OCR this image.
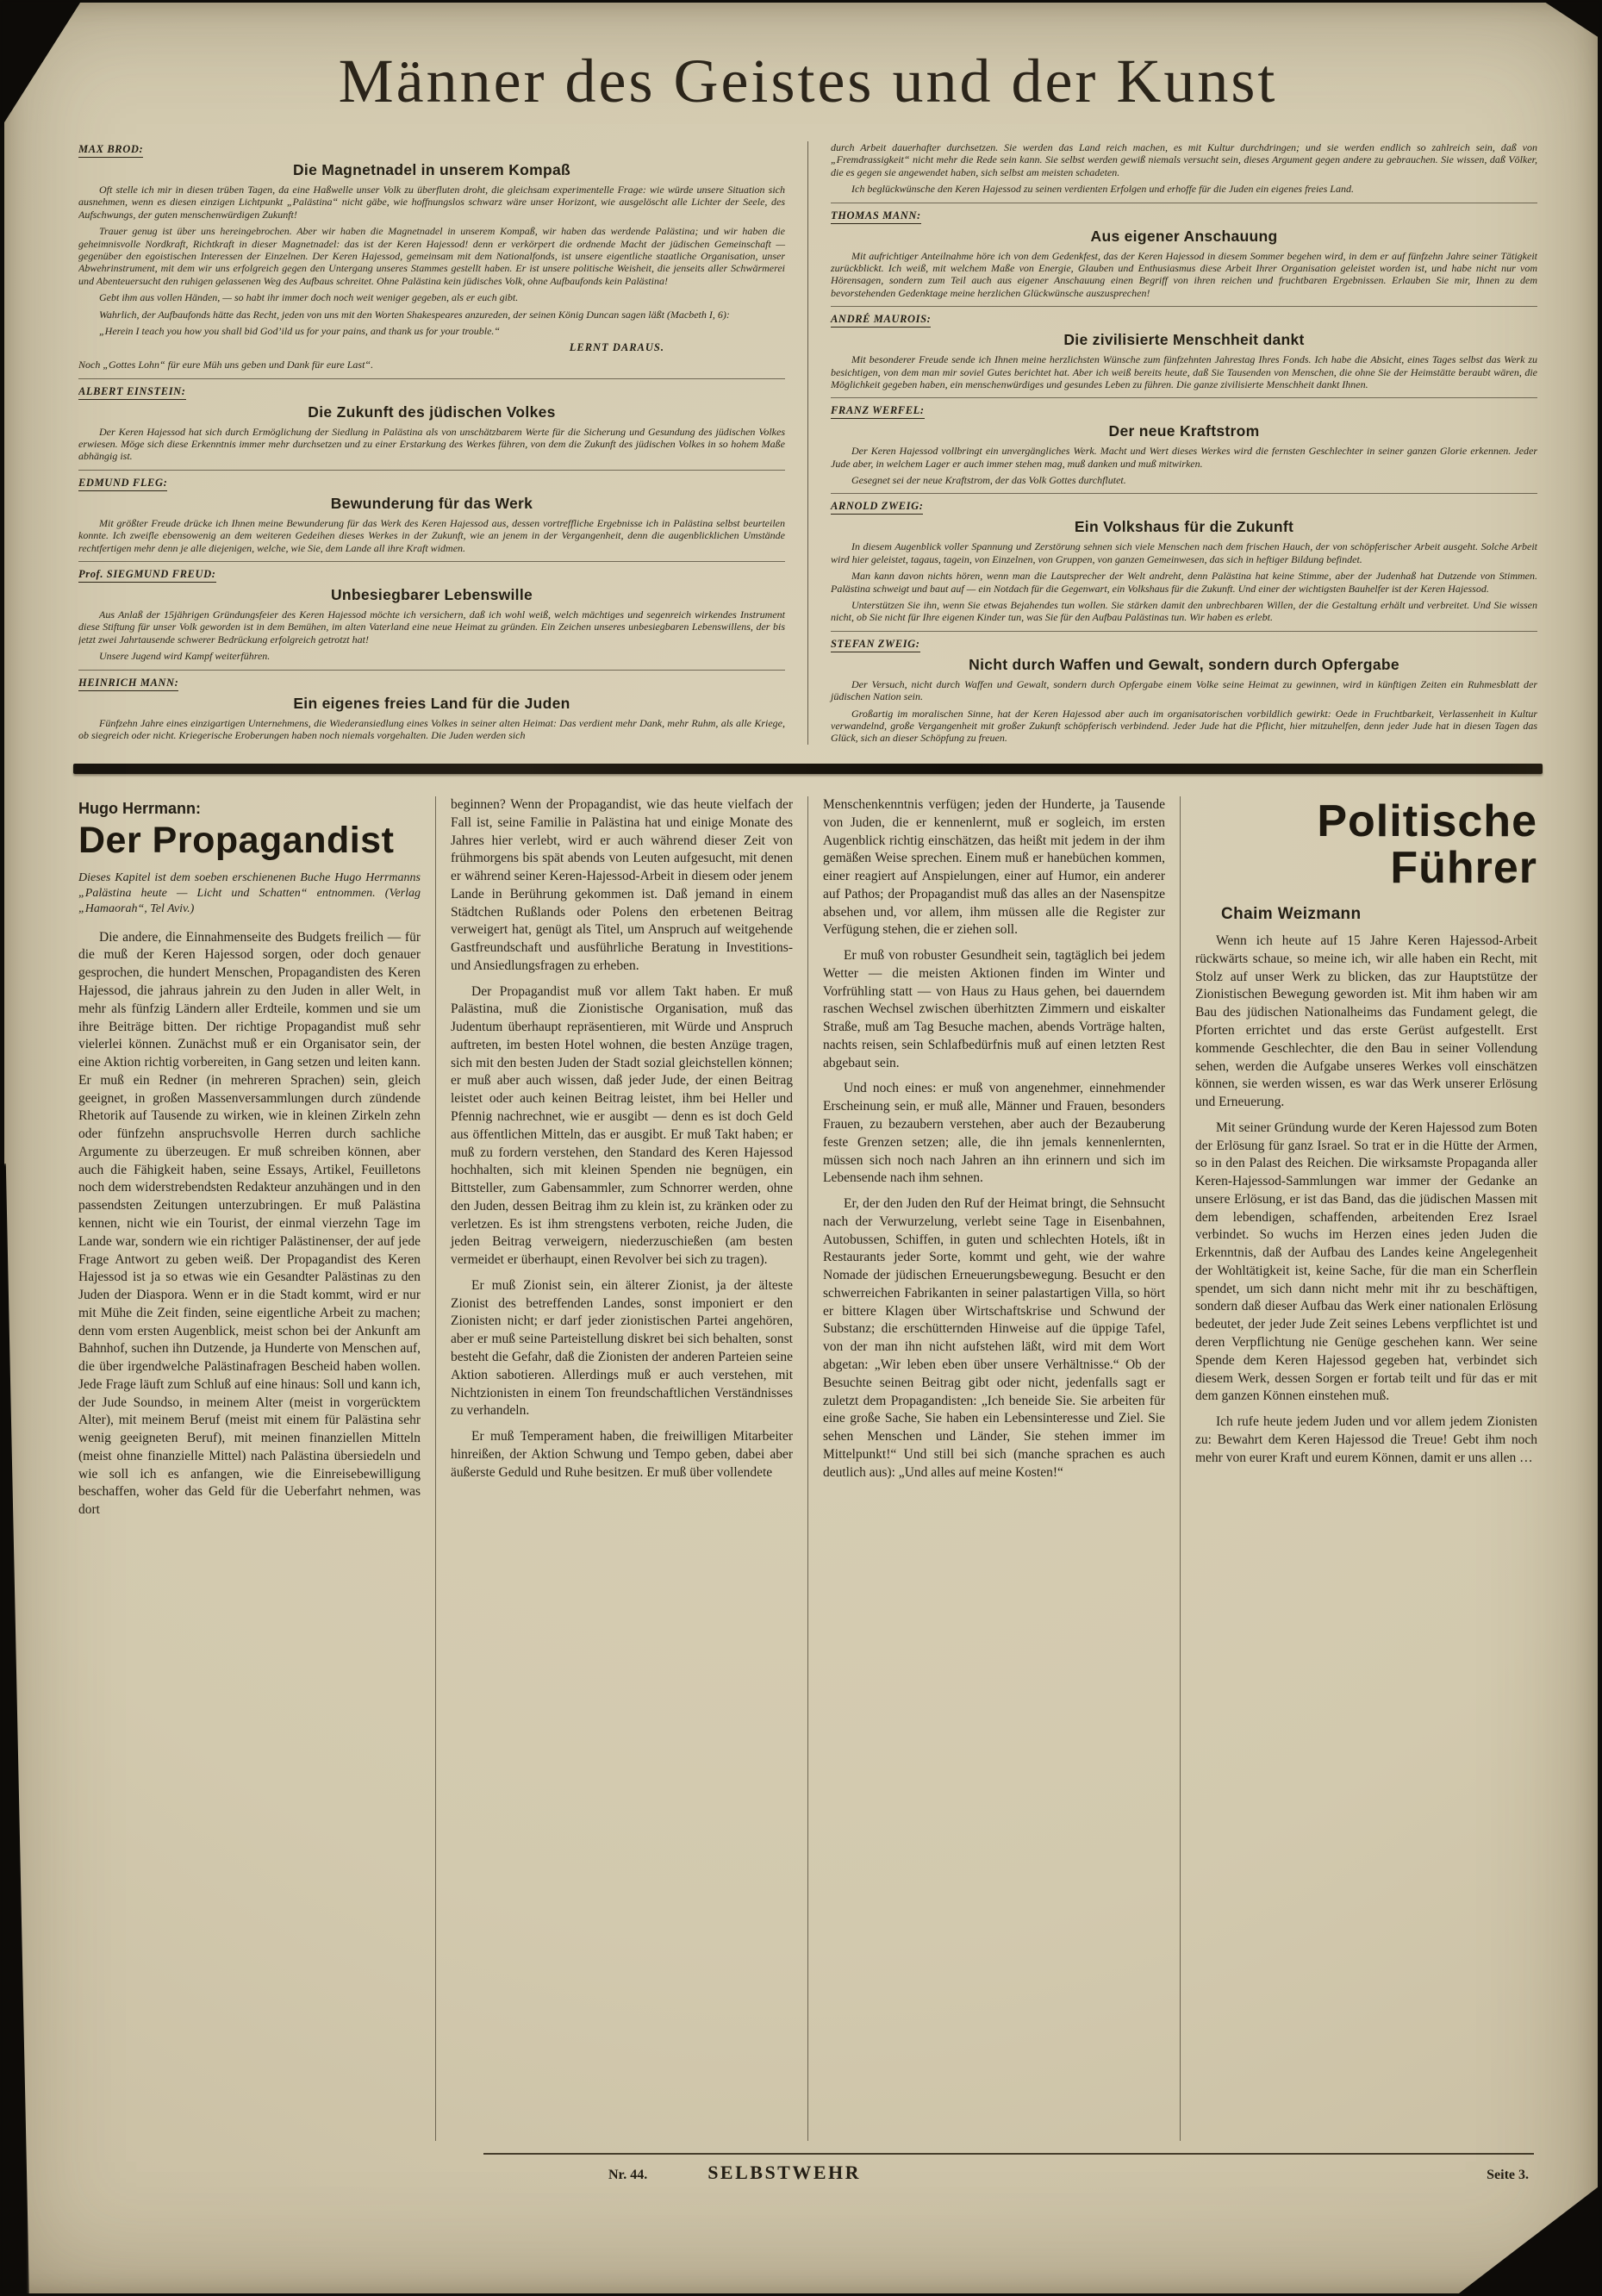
Männer des Geistes und der Kunst
MAX BROD:
Die Magnetnadel in unserem Kompaß

Oft stelle ich mir in diesen trüben Tagen, da eine Haßwelle unser Volk zu überfluten droht, die gleichsam experimentelle Frage: wie würde unsere Situation sich ausnehmen, wenn es diesen einzigen Lichtpunkt „Palästina“ nicht gäbe, wie hoffnungslos schwarz wäre unser Horizont, wie ausgelöscht alle Lichter der Seele, des Aufschwungs, der guten menschenwürdigen Zukunft!

Trauer genug ist über uns hereingebrochen. Aber wir haben die Magnetnadel in unserem Kompaß, wir haben das werdende Palästina; und wir haben die geheimnisvolle Nordkraft, Richtkraft in dieser Magnetnadel: das ist der Keren Hajessod! denn er verkörpert die ordnende Macht der jüdischen Gemeinschaft — gegenüber den egoistischen Interessen der Einzelnen. Der Keren Hajessod, gemeinsam mit dem Nationalfonds, ist unsere eigentliche staatliche Organisation, unser Abwehrinstrument, mit dem wir uns erfolgreich gegen den Untergang unseres Stammes gestellt haben. Er ist unsere politische Weisheit, die jenseits aller Schwärmerei und Abenteuersucht den ruhigen gelassenen Weg des Aufbaus schreitet. Ohne Palästina kein jüdisches Volk, ohne Aufbaufonds kein Palästina!

Gebt ihm aus vollen Händen, — so habt ihr immer doch noch weit weniger gegeben, als er euch gibt.

Wahrlich, der Aufbaufonds hätte das Recht, jeden von uns mit den Worten Shakespeares anzureden, der seinen König Duncan sagen läßt (Macbeth I, 6):

„Herein I teach you how you shall bid God’ild us for your pains, and thank us for your trouble.“

LERNT DARAUS.

Noch „Gottes Lohn“ für eure Müh uns geben und Dank für eure Last“.

ALBERT EINSTEIN:
Die Zukunft des jüdischen Volkes

Der Keren Hajessod hat sich durch Ermöglichung der Siedlung in Palästina als von unschätzbarem Werte für die Sicherung und Gesundung des jüdischen Volkes erwiesen. Möge sich diese Erkenntnis immer mehr durchsetzen und zu einer Erstarkung des Werkes führen, von dem die Zukunft des jüdischen Volkes in so hohem Maße abhängig ist.

EDMUND FLEG:
Bewunderung für das Werk

Mit größter Freude drücke ich Ihnen meine Bewunderung für das Werk des Keren Hajessod aus, dessen vortreffliche Ergebnisse ich in Palästina selbst beurteilen konnte. Ich zweifle ebensowenig an dem weiteren Gedeihen dieses Werkes in der Zukunft, wie an jenem in der Vergangenheit, denn die augenblicklichen Umstände rechtfertigen mehr denn je alle diejenigen, welche, wie Sie, dem Lande all ihre Kraft widmen.

Prof. SIEGMUND FREUD:
Unbesiegbarer Lebenswille

Aus Anlaß der 15jährigen Gründungsfeier des Keren Hajessod möchte ich versichern, daß ich wohl weiß, welch mächtiges und segenreich wirkendes Instrument diese Stiftung für unser Volk geworden ist in dem Bemühen, im alten Vaterland eine neue Heimat zu gründen. Ein Zeichen unseres unbesiegbaren Lebenswillens, der bis jetzt zwei Jahrtausende schwerer Bedrückung erfolgreich getrotzt hat!

Unsere Jugend wird Kampf weiterführen.

HEINRICH MANN:
Ein eigenes freies Land für die Juden

Fünfzehn Jahre eines einzigartigen Unternehmens, die Wiederansiedlung eines Volkes in seiner alten Heimat: Das verdient mehr Dank, mehr Ruhm, als alle Kriege, ob siegreich oder nicht. Kriegerische Eroberungen haben noch niemals vorgehalten. Die Juden werden sich

durch Arbeit dauerhafter durchsetzen. Sie werden das Land reich machen, es mit Kultur durchdringen; und sie werden endlich so zahlreich sein, daß von „Fremdrassigkeit“ nicht mehr die Rede sein kann. Sie selbst werden gewiß niemals versucht sein, dieses Argument gegen andere zu gebrauchen. Sie wissen, daß Völker, die es gegen sie angewendet haben, sich selbst am meisten schadeten.

Ich beglückwünsche den Keren Hajessod zu seinen verdienten Erfolgen und erhoffe für die Juden ein eigenes freies Land.

THOMAS MANN:
Aus eigener Anschauung

Mit aufrichtiger Anteilnahme höre ich von dem Gedenkfest, das der Keren Hajessod in diesem Sommer begehen wird, in dem er auf fünfzehn Jahre seiner Tätigkeit zurückblickt. Ich weiß, mit welchem Maße von Energie, Glauben und Enthusiasmus diese Arbeit Ihrer Organisation geleistet worden ist, und habe nicht nur vom Hörensagen, sondern zum Teil auch aus eigener Anschauung einen Begriff von ihren reichen und fruchtbaren Ergebnissen. Erlauben Sie mir, Ihnen zu dem bevorstehenden Gedenktage meine herzlichen Glückwünsche auszusprechen!

ANDRÉ MAUROIS:
Die zivilisierte Menschheit dankt

Mit besonderer Freude sende ich Ihnen meine herzlichsten Wünsche zum fünfzehnten Jahrestag Ihres Fonds. Ich habe die Absicht, eines Tages selbst das Werk zu besichtigen, von dem man mir soviel Gutes berichtet hat. Aber ich weiß bereits heute, daß Sie Tausenden von Menschen, die ohne Sie der Heimstätte beraubt wären, die Möglichkeit gegeben haben, ein menschenwürdiges und gesundes Leben zu führen. Die ganze zivilisierte Menschheit dankt Ihnen.

FRANZ WERFEL:
Der neue Kraftstrom

Der Keren Hajessod vollbringt ein unvergängliches Werk. Macht und Wert dieses Werkes wird die fernsten Geschlechter in seiner ganzen Glorie erkennen. Jeder Jude aber, in welchem Lager er auch immer stehen mag, muß danken und muß mitwirken.

Gesegnet sei der neue Kraftstrom, der das Volk Gottes durchflutet.

ARNOLD ZWEIG:
Ein Volkshaus für die Zukunft

In diesem Augenblick voller Spannung und Zerstörung sehnen sich viele Menschen nach dem frischen Hauch, der von schöpferischer Arbeit ausgeht. Solche Arbeit wird hier geleistet, tagaus, tagein, von Einzelnen, von Gruppen, von ganzen Gemeinwesen, das sich in heftiger Bildung befindet.

Man kann davon nichts hören, wenn man die Lautsprecher der Welt andreht, denn Palästina hat keine Stimme, aber der Judenhaß hat Dutzende von Stimmen. Palästina schweigt und baut auf — ein Notdach für die Gegenwart, ein Volkshaus für die Zukunft. Und einer der wichtigsten Bauhelfer ist der Keren Hajessod.

Unterstützen Sie ihn, wenn Sie etwas Bejahendes tun wollen. Sie stärken damit den unbrechbaren Willen, der die Gestaltung erhält und verbreitet. Und Sie wissen nicht, ob Sie nicht für Ihre eigenen Kinder tun, was Sie für den Aufbau Palästinas tun. Wir haben es erlebt.

STEFAN ZWEIG:
Nicht durch Waffen und Gewalt, sondern durch Opfergabe

Der Versuch, nicht durch Waffen und Gewalt, sondern durch Opfergabe einem Volke seine Heimat zu gewinnen, wird in künftigen Zeiten ein Ruhmesblatt der jüdischen Nation sein.

Großartig im moralischen Sinne, hat der Keren Hajessod aber auch im organisatorischen vorbildlich gewirkt: Oede in Fruchtbarkeit, Verlassenheit in Kultur verwandelnd, große Vergangenheit mit großer Zukunft schöpferisch verbindend. Jeder Jude hat die Pflicht, hier mitzuhelfen, denn jeder Jude hat in diesen Tagen das Glück, sich an dieser Schöpfung zu freuen.

Hugo Herrmann:
Der Propagandist

Dieses Kapitel ist dem soeben erschienenen Buche Hugo Herrmanns „Palästina heute — Licht und Schatten“ entnommen. (Verlag „Hamaorah“, Tel Aviv.)

Die andere, die Einnahmenseite des Budgets freilich — für die muß der Keren Hajessod sorgen, oder doch genauer gesprochen, die hundert Menschen, Propagandisten des Keren Hajessod, die jahraus jahrein zu den Juden in aller Welt, in mehr als fünfzig Ländern aller Erdteile, kommen und sie um ihre Beiträge bitten. Der richtige Propagandist muß sehr vielerlei können. Zunächst muß er ein Organisator sein, der eine Aktion richtig vorbereiten, in Gang setzen und leiten kann. Er muß ein Redner (in mehreren Sprachen) sein, gleich geeignet, in großen Massenversammlungen durch zündende Rhetorik auf Tausende zu wirken, wie in kleinen Zirkeln zehn oder fünfzehn anspruchsvolle Herren durch sachliche Argumente zu überzeugen. Er muß schreiben können, aber auch die Fähigkeit haben, seine Essays, Artikel, Feuilletons noch dem widerstrebendsten Redakteur anzuhängen und in den passendsten Zeitungen unterzubringen. Er muß Palästina kennen, nicht wie ein Tourist, der einmal vierzehn Tage im Lande war, sondern wie ein richtiger Palästinenser, der auf jede Frage Antwort zu geben weiß. Der Propagandist des Keren Hajessod ist ja so etwas wie ein Gesandter Palästinas zu den Juden der Diaspora. Wenn er in die Stadt kommt, wird er nur mit Mühe die Zeit finden, seine eigentliche Arbeit zu machen; denn vom ersten Augenblick, meist schon bei der Ankunft am Bahnhof, suchen ihn Dutzende, ja Hunderte von Menschen auf, die über irgendwelche Palästinafragen Bescheid haben wollen. Jede Frage läuft zum Schluß auf eine hinaus: Soll und kann ich, der Jude Soundso, in meinem Alter (meist in vorgerücktem Alter), mit meinem Beruf (meist mit einem für Palästina sehr wenig geeigneten Beruf), mit meinen finanziellen Mitteln (meist ohne finanzielle Mittel) nach Palästina übersiedeln und wie soll ich es anfangen, wie die Einreisebewilligung beschaffen, woher das Geld für die Ueberfahrt nehmen, was dort

beginnen? Wenn der Propagandist, wie das heute vielfach der Fall ist, seine Familie in Palästina hat und einige Monate des Jahres hier verlebt, wird er auch während dieser Zeit von frühmorgens bis spät abends von Leuten aufgesucht, mit denen er während seiner Keren-Hajessod-Arbeit in diesem oder jenem Lande in Berührung gekommen ist. Daß jemand in einem Städtchen Rußlands oder Polens den erbetenen Beitrag verweigert hat, genügt als Titel, um Anspruch auf weitgehende Gastfreundschaft und ausführliche Beratung in Investitions- und Ansiedlungsfragen zu erheben.

Der Propagandist muß vor allem Takt haben. Er muß Palästina, muß die Zionistische Organisation, muß das Judentum überhaupt repräsentieren, mit Würde und Anspruch auftreten, im besten Hotel wohnen, die besten Anzüge tragen, sich mit den besten Juden der Stadt sozial gleichstellen können; er muß aber auch wissen, daß jeder Jude, der einen Beitrag leistet oder auch keinen Beitrag leistet, ihm bei Heller und Pfennig nachrechnet, wie er ausgibt — denn es ist doch Geld aus öffentlichen Mitteln, das er ausgibt. Er muß Takt haben; er muß zu fordern verstehen, den Standard des Keren Hajessod hochhalten, sich mit kleinen Spenden nie begnügen, ein Bittsteller, zum Gabensammler, zum Schnorrer werden, ohne den Juden, dessen Beitrag ihm zu klein ist, zu kränken oder zu verletzen. Es ist ihm strengstens verboten, reiche Juden, die jeden Beitrag verweigern, niederzuschießen (am besten vermeidet er überhaupt, einen Revolver bei sich zu tragen).

Er muß Zionist sein, ein älterer Zionist, ja der älteste Zionist des betreffenden Landes, sonst imponiert er den Zionisten nicht; er darf jeder zionistischen Partei angehören, aber er muß seine Parteistellung diskret bei sich behalten, sonst besteht die Gefahr, daß die Zionisten der anderen Parteien seine Aktion sabotieren. Allerdings muß er auch verstehen, mit Nichtzionisten in einem Ton freundschaftlichen Verständnisses zu verhandeln.

Er muß Temperament haben, die freiwilligen Mitarbeiter hinreißen, der Aktion Schwung und Tempo geben, dabei aber äußerste Geduld und Ruhe besitzen. Er muß über vollendete

Menschenkenntnis verfügen; jeden der Hunderte, ja Tausende von Juden, die er kennenlernt, muß er sogleich, im ersten Augenblick richtig einschätzen, das heißt mit jedem in der ihm gemäßen Weise sprechen. Einem muß er hanebüchen kommen, einer reagiert auf Anspielungen, einer auf Humor, ein anderer auf Pathos; der Propagandist muß das alles an der Nasenspitze absehen und, vor allem, ihm müssen alle die Register zur Verfügung stehen, die er ziehen soll.

Er muß von robuster Gesundheit sein, tagtäglich bei jedem Wetter — die meisten Aktionen finden im Winter und Vorfrühling statt — von Haus zu Haus gehen, bei dauerndem raschen Wechsel zwischen überhitzten Zimmern und eiskalter Straße, muß am Tag Besuche machen, abends Vorträge halten, nachts reisen, sein Schlafbedürfnis muß auf einen letzten Rest abgebaut sein.

Und noch eines: er muß von angenehmer, einnehmender Erscheinung sein, er muß alle, Männer und Frauen, besonders Frauen, zu bezaubern verstehen, aber auch der Bezauberung feste Grenzen setzen; alle, die ihn jemals kennenlernten, müssen sich noch nach Jahren an ihn erinnern und sich im Lebensende nach ihm sehnen.

Er, der den Juden den Ruf der Heimat bringt, die Sehnsucht nach der Verwurzelung, verlebt seine Tage in Eisenbahnen, Autobussen, Schiffen, in guten und schlechten Hotels, ißt in Restaurants jeder Sorte, kommt und geht, wie der wahre Nomade der jüdischen Erneuerungsbewegung. Besucht er den schwerreichen Fabrikanten in seiner palastartigen Villa, so hört er bittere Klagen über Wirtschaftskrise und Schwund der Substanz; die erschütternden Hinweise auf die üppige Tafel, von der man ihn nicht aufstehen läßt, wird mit dem Wort abgetan: „Wir leben eben über unsere Verhältnisse.“ Ob der Besuchte seinen Beitrag gibt oder nicht, jedenfalls sagt er zuletzt dem Propagandisten: „Ich beneide Sie. Sie arbeiten für eine große Sache, Sie haben ein Lebensinteresse und Ziel. Sie sehen Menschen und Länder, Sie stehen immer im Mittelpunkt!“ Und still bei sich (manche sprachen es auch deutlich aus): „Und alles auf meine Kosten!“

Politische
Führer
Chaim Weizmann

Wenn ich heute auf 15 Jahre Keren Hajessod-Arbeit rückwärts schaue, so meine ich, wir alle haben ein Recht, mit Stolz auf unser Werk zu blicken, das zur Hauptstütze der Zionistischen Bewegung geworden ist. Mit ihm haben wir am Bau des jüdischen Nationalheims das Fundament gelegt, die Pforten errichtet und das erste Gerüst aufgestellt. Erst kommende Geschlechter, die den Bau in seiner Vollendung sehen, werden die Aufgabe unseres Werkes voll einschätzen können, sie werden wissen, es war das Werk unserer Erlösung und Erneuerung.

Mit seiner Gründung wurde der Keren Hajessod zum Boten der Erlösung für ganz Israel. So trat er in die Hütte der Armen, so in den Palast des Reichen. Die wirksamste Propaganda aller Keren-Hajessod-Sammlungen war immer der Gedanke an unsere Erlösung, er ist das Band, das die jüdischen Massen mit dem lebendigen, schaffenden, arbeitenden Erez Israel verbindet. So wuchs im Herzen eines jeden Juden die Erkenntnis, daß der Aufbau des Landes keine Angelegenheit der Wohltätigkeit ist, keine Sache, für die man ein Scherflein spendet, um sich dann nicht mehr mit ihr zu beschäftigen, sondern daß dieser Aufbau das Werk einer nationalen Erlösung bedeutet, der jeder Jude Zeit seines Lebens verpflichtet ist und deren Verpflichtung nie Genüge geschehen kann. Wer seine Spende dem Keren Hajessod gegeben hat, verbindet sich diesem Werk, dessen Sorgen er fortab teilt und für das er mit dem ganzen Können einstehen muß.

Ich rufe heute jedem Juden und vor allem jedem Zionisten zu: Bewahrt dem Keren Hajessod die Treue! Gebt ihm noch mehr von eurer Kraft und eurem Können, damit er uns allen …

Nr. 44.	SELBSTWEHR	Seite 3.
